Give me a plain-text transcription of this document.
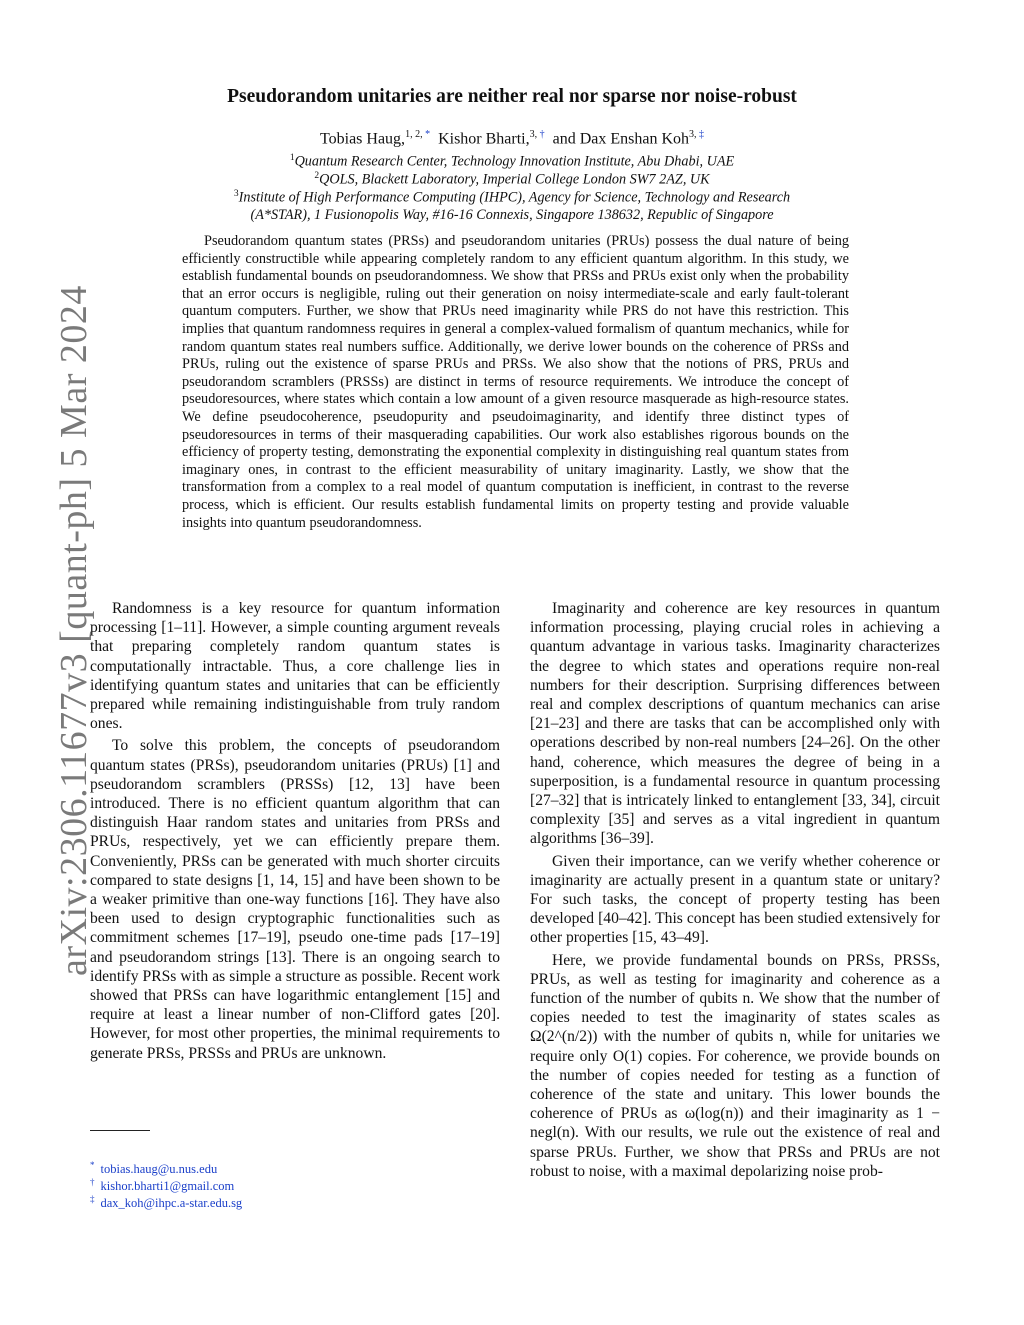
arXiv:2306.11677v3 [quant-ph] 5 Mar 2024
Pseudorandom unitaries are neither real nor sparse nor noise-robust
Tobias Haug,$^{1, 2, *}$ Kishor Bharti,$^{3, \dagger}$ and Dax Enshan Koh$^{3, \ddagger}$
$^1$Quantum Research Center, Technology Innovation Institute, Abu Dhabi, UAE
$^2$QOLS, Blackett Laboratory, Imperial College London SW7 2AZ, UK
$^3$Institute of High Performance Computing (IHPC), Agency for Science, Technology and Research
(A*STAR), 1 Fusionopolis Way, #16-16 Connexis, Singapore 138632, Republic of Singapore
Pseudorandom quantum states (PRSs) and pseudorandom unitaries (PRUs) possess the dual nature of being efficiently constructible while appearing completely random to any efficient quantum algorithm. In this study, we establish fundamental bounds on pseudorandomness. We show that PRSs and PRUs exist only when the probability that an error occurs is negligible, ruling out their generation on noisy intermediate-scale and early fault-tolerant quantum computers. Further, we show that PRUs need imaginarity while PRS do not have this restriction. This implies that quantum randomness requires in general a complex-valued formalism of quantum mechanics, while for random quantum states real numbers suffice. Additionally, we derive lower bounds on the coherence of PRSs and PRUs, ruling out the existence of sparse PRUs and PRSs. We also show that the notions of PRS, PRUs and pseudorandom scramblers (PRSSs) are distinct in terms of resource requirements. We introduce the concept of pseudoresources, where states which contain a low amount of a given resource masquerade as high-resource states. We define pseudocoherence, pseudopurity and pseudoimaginarity, and identify three distinct types of pseudoresources in terms of their masquerading capabilities. Our work also establishes rigorous bounds on the efficiency of property testing, demonstrating the exponential complexity in distinguishing real quantum states from imaginary ones, in contrast to the efficient measurability of unitary imaginarity. Lastly, we show that the transformation from a complex to a real model of quantum computation is inefficient, in contrast to the reverse process, which is efficient. Our results establish fundamental limits on property testing and provide valuable insights into quantum pseudorandomness.

Randomness is a key resource for quantum information processing [1–11]. However, a simple counting argument reveals that preparing completely random quantum states is computationally intractable. Thus, a core challenge lies in identifying quantum states and unitaries that can be efficiently prepared while remaining indistinguishable from truly random ones.

To solve this problem, the concepts of pseudorandom quantum states (PRSs), pseudorandom unitaries (PRUs) [1] and pseudorandom scramblers (PRSSs) [12, 13] have been introduced. There is no efficient quantum algorithm that can distinguish Haar random states and unitaries from PRSs and PRUs, respectively, yet we can efficiently prepare them. Conveniently, PRSs can be generated with much shorter circuits compared to state designs [1, 14, 15] and have been shown to be a weaker primitive than one-way functions [16]. They have also been used to design cryptographic functionalities such as commitment schemes [17–19], pseudo one-time pads [17–19] and pseudorandom strings [13]. There is an ongoing search to identify PRSs with as simple a structure as possible. Recent work showed that PRSs can have logarithmic entanglement [15] and require at least a linear number of non-Clifford gates [20]. However, for most other properties, the minimal requirements to generate PRSs, PRSSs and PRUs are unknown.

Imaginarity and coherence are key resources in quantum information processing, playing crucial roles in achieving a quantum advantage in various tasks. Imaginarity characterizes the degree to which states and operations require non-real numbers for their description. Surprising differences between real and complex descriptions of quantum mechanics can arise [21–23] and there are tasks that can be accomplished only with operations described by non-real numbers [24–26]. On the other hand, coherence, which measures the degree of being in a superposition, is a fundamental resource in quantum processing [27–32] that is intricately linked to entanglement [33, 34], circuit complexity [35] and serves as a vital ingredient in quantum algorithms [36–39].

Given their importance, can we verify whether coherence or imaginarity are actually present in a quantum state or unitary? For such tasks, the concept of property testing has been developed [40–42]. This concept has been studied extensively for other properties [15, 43–49].

Here, we provide fundamental bounds on PRSs, PRSSs, PRUs, as well as testing for imaginarity and coherence as a function of the number of qubits n. We show that the number of copies needed to test the imaginarity of states scales as Ω(2^(n/2)) with the number of qubits n, while for unitaries we require only O(1) copies. For coherence, we provide bounds on the number of copies needed for testing as a function of coherence of the state and unitary. This lower bounds the coherence of PRUs as ω(log(n)) and their imaginarity as 1 − negl(n). With our results, we rule out the existence of real and sparse PRUs. Further, we show that PRSs and PRUs are not robust to noise, with a maximal depolarizing noise prob-

* tobias.haug@u.nus.edu
† kishor.bharti1@gmail.com
‡ dax_koh@ihpc.a-star.edu.sg
